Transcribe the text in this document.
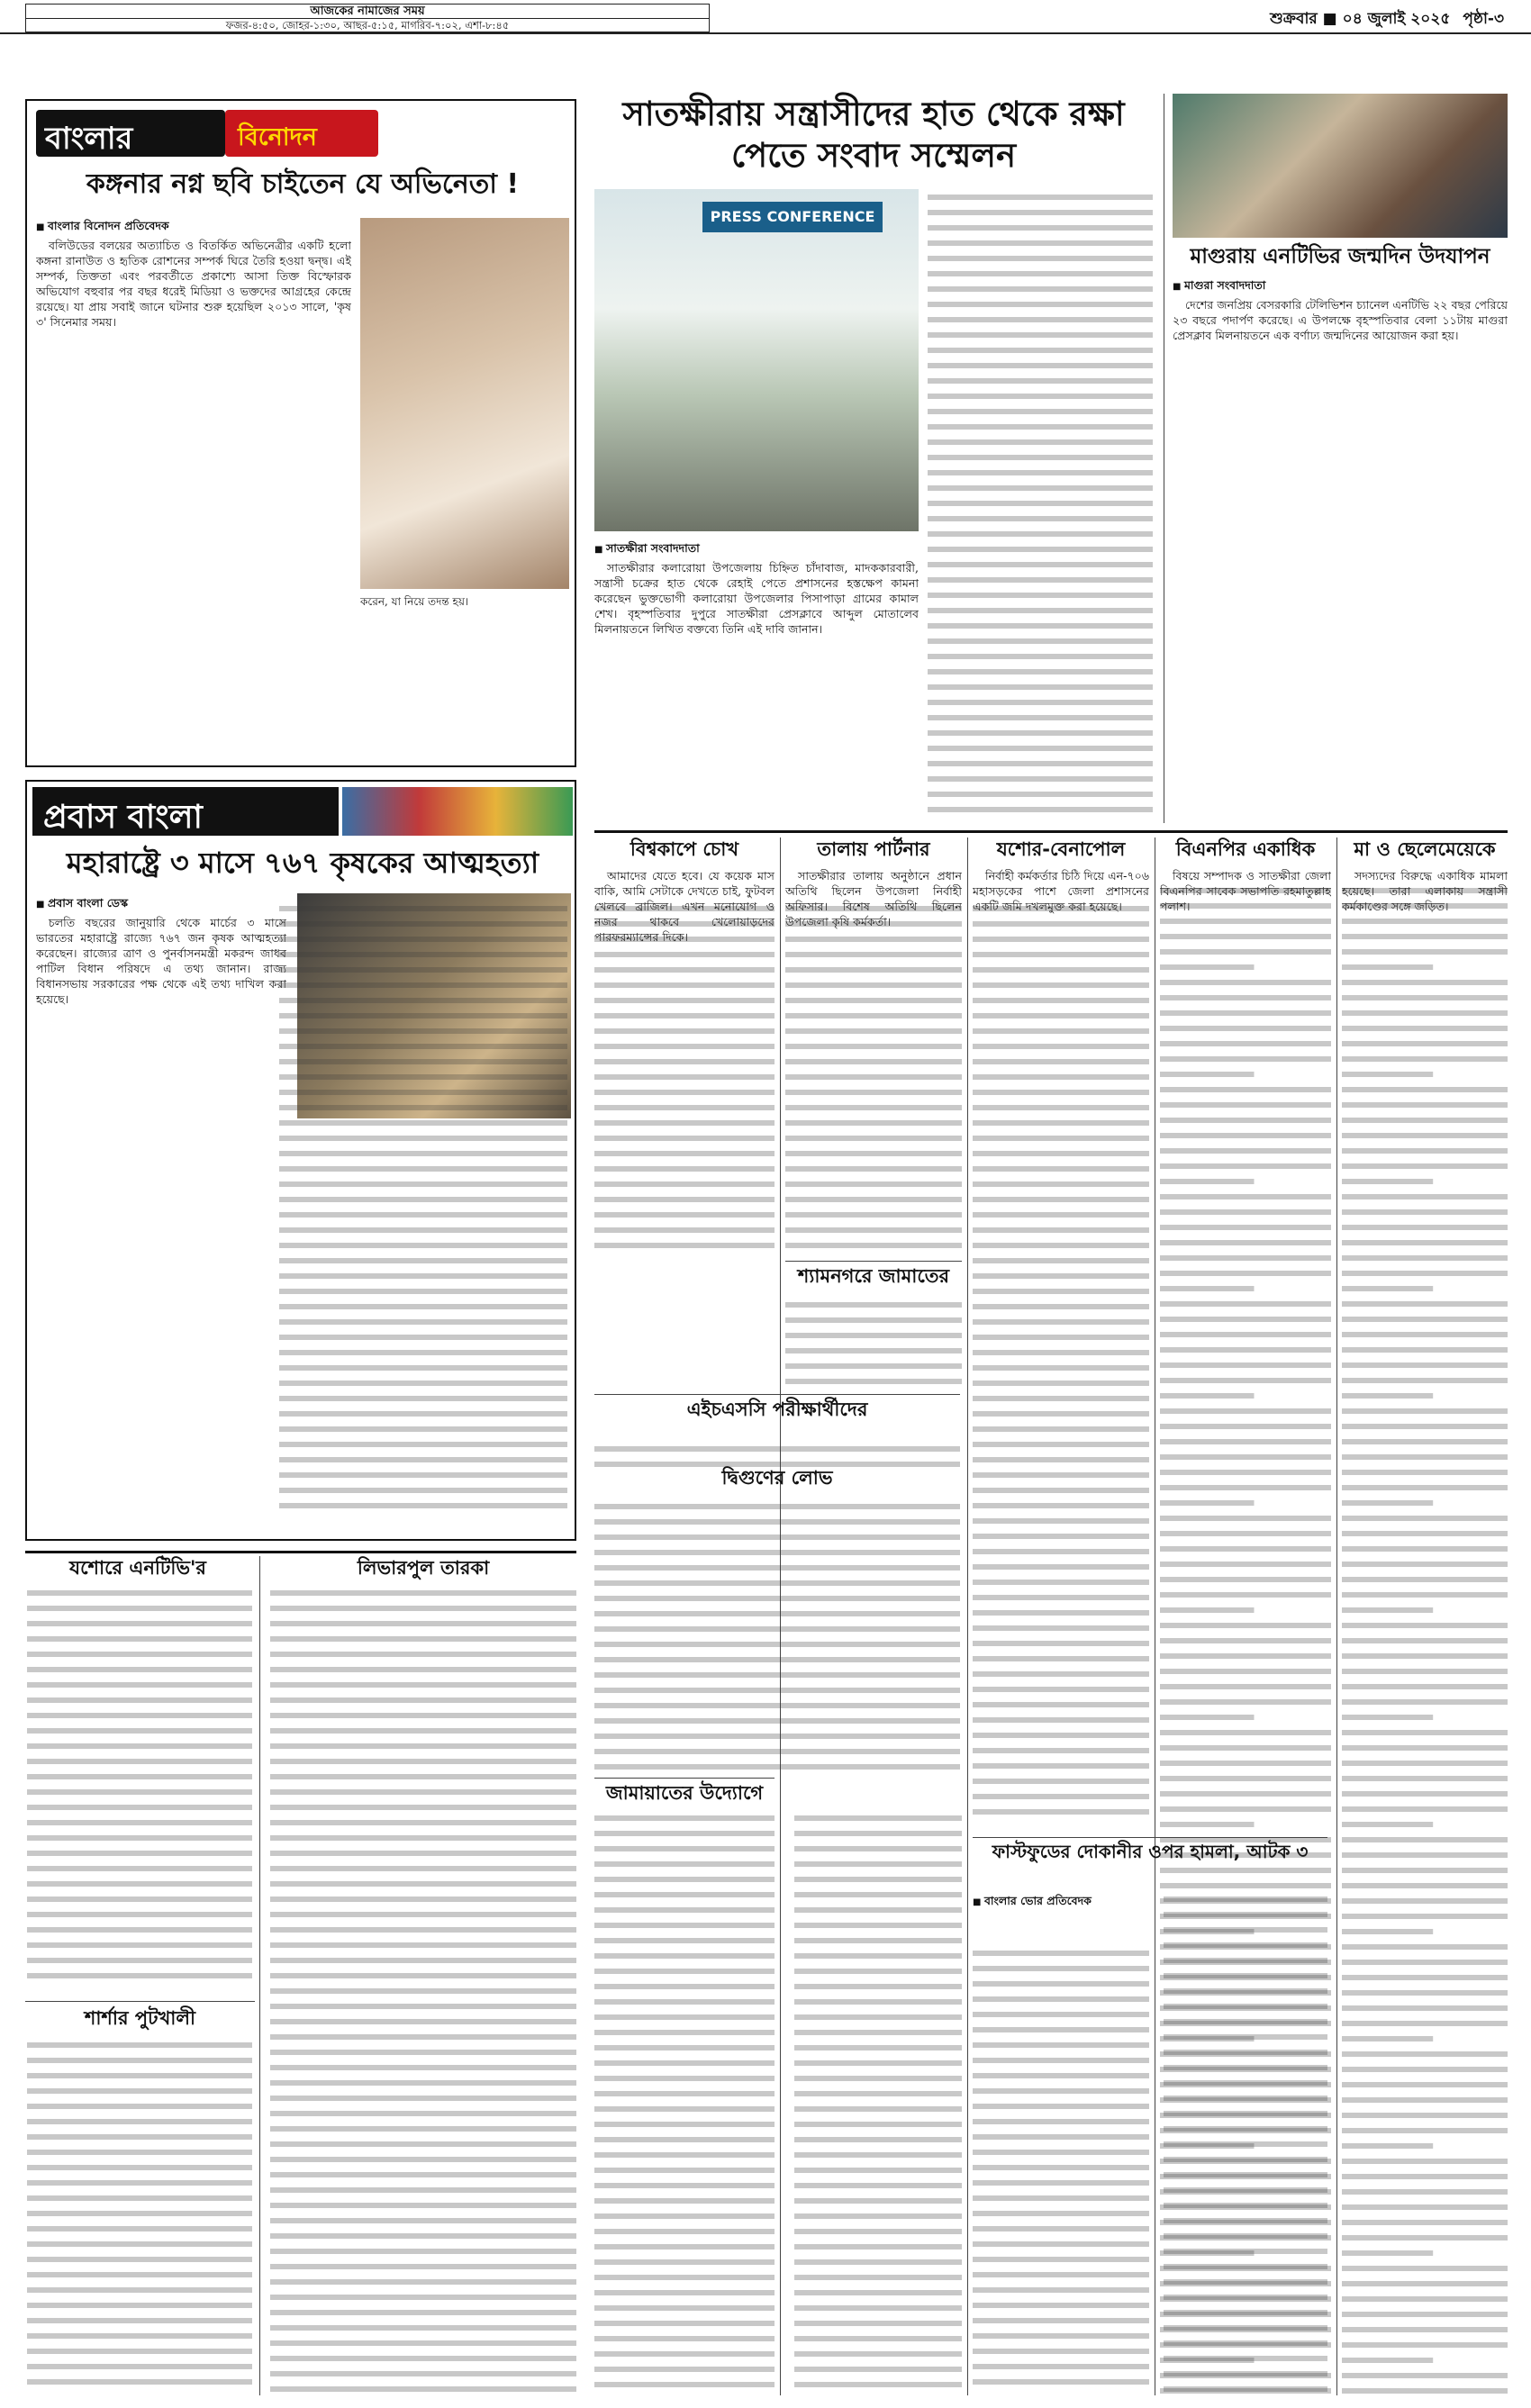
আজকের নামাজের সময়
ফজর-৪:৫০, জোহর-১:৩০, আছর-৫:১৫, মাগরিব-৭:০২, এশা-৮:৪৫	শুক্রবার ■ ০৪ জুলাই ২০২৫ পৃষ্ঠা-৩
বাংলার	বিনোদন
কঙ্গনার নগ্ন ছবি চাইতেন যে অভিনেতা !
■ বাংলার বিনোদন প্রতিবেদক

বলিউডের বলয়ের অত্যাচিত ও বিতর্কিত অভিনেত্রীর একটি হলো কঙ্গনা রানাউত ও হৃতিক রোশনের সম্পর্ক ঘিরে তৈরি হওয়া দ্বন্দ্ব। এই সম্পর্ক, তিক্ততা এবং পরবর্তীতে প্রকাশ্যে আসা তিক্ত বিস্ফোরক অভিযোগ বহুবার পর বছর ধরেই মিডিয়া ও ভক্তদের আগ্রহের কেন্দ্রে রয়েছে। যা প্রায় সবাই জানে ঘটনার শুরু হয়েছিল ২০১৩ সালে, 'কৃষ ৩' সিনেমার সময়।

করেন, যা নিয়ে তদন্ত হয়।
প্রবাস বাংলা
মহারাষ্ট্রে ৩ মাসে ৭৬৭ কৃষকের আত্মহত্যা
■ প্রবাস বাংলা ডেস্ক

চলতি বছরের জানুয়ারি থেকে মার্চের ৩ মাসে ভারতের মহারাষ্ট্রে রাজ্যে ৭৬৭ জন কৃষক আত্মহত্যা করেছেন। রাজ্যের ত্রাণ ও পুনর্বাসনমন্ত্রী মকরন্দ জাধব পাটিল বিধান পরিষদে এ তথ্য জানান। রাজ্য বিধানসভায় সরকারের পক্ষ থেকে এই তথ্য দাখিল করা হয়েছে।

যশোরে এনটিভি'র	লিভারপুল তারকা
শার্শার পুটখালী
সাতক্ষীরায় সন্ত্রাসীদের হাত থেকে রক্ষা পেতে সংবাদ সম্মেলন
PRESS CONFERENCE
■ সাতক্ষীরা সংবাদদাতা

সাতক্ষীরার কলারোয়া উপজেলায় চিহ্নিত চাঁদাবাজ, মাদককারবারী, সন্ত্রাসী চক্রের হাত থেকে রেহাই পেতে প্রশাসনের হস্তক্ষেপ কামনা করেছেন ভুক্তভোগী কলারোয়া উপজেলার পিসাপাড়া গ্রামের কামাল শেখ। বৃহস্পতিবার দুপুরে সাতক্ষীরা প্রেসক্লাবে আব্দুল মোতালেব মিলনায়তনে লিখিত বক্তব্যে তিনি এই দাবি জানান।

মাগুরায় এনটিভির জন্মদিন উদযাপন
■ মাগুরা সংবাদদাতা

দেশের জনপ্রিয় বেসরকারি টেলিভিশন চ্যানেল এনটিভি ২২ বছর পেরিয়ে ২৩ বছরে পদার্পণ করেছে। এ উপলক্ষে বৃহস্পতিবার বেলা ১১টায় মাগুরা প্রেসক্লাব মিলনায়তনে এক বর্ণাঢ্য জন্মদিনের আয়োজন করা হয়।

বিশ্বকাপে চোখ

আমাদের যেতে হবে। যে কয়েক মাস বাকি, আমি সেটাকে দেখতে চাই, ফুটবল খেলবে ব্রাজিল। এখন মনোযোগ ও নজর থাকবে খেলোয়াড়দের পারফরম্যান্সের দিকে।

তালায় পার্টনার

সাতক্ষীরার তালায় অনুষ্ঠানে প্রধান অতিথি ছিলেন উপজেলা নির্বাহী অফিসার। বিশেষ অতিথি ছিলেন উপজেলা কৃষি কর্মকর্তা।

যশোর-বেনাপোল

নির্বাহী কর্মকর্তার চিঠি দিয়ে এন-৭০৬ মহাসড়কের পাশে জেলা প্রশাসনের একটি জমি দখলমুক্ত করা হয়েছে।

বিএনপির একাধিক

বিষয়ে সম্পাদক ও সাতক্ষীরা জেলা বিএনপির সাবেক সভাপতি রহমাতুল্লাহ পলাশ।

মা ও ছেলেমেয়েকে

সদস্যদের বিরুদ্ধে একাধিক মামলা হয়েছে। তারা এলাকায় সন্ত্রাসী কর্মকাণ্ডের সঙ্গে জড়িত।

শ্যামনগরে জামাতের
এইচএসসি পরীক্ষার্থীদের
দ্বিগুণের লোভ
জামায়াতের উদ্যোগে
ফাস্টফুডের দোকানীর ওপর হামলা, আটক ৩
■ বাংলার ভোর প্রতিবেদক
